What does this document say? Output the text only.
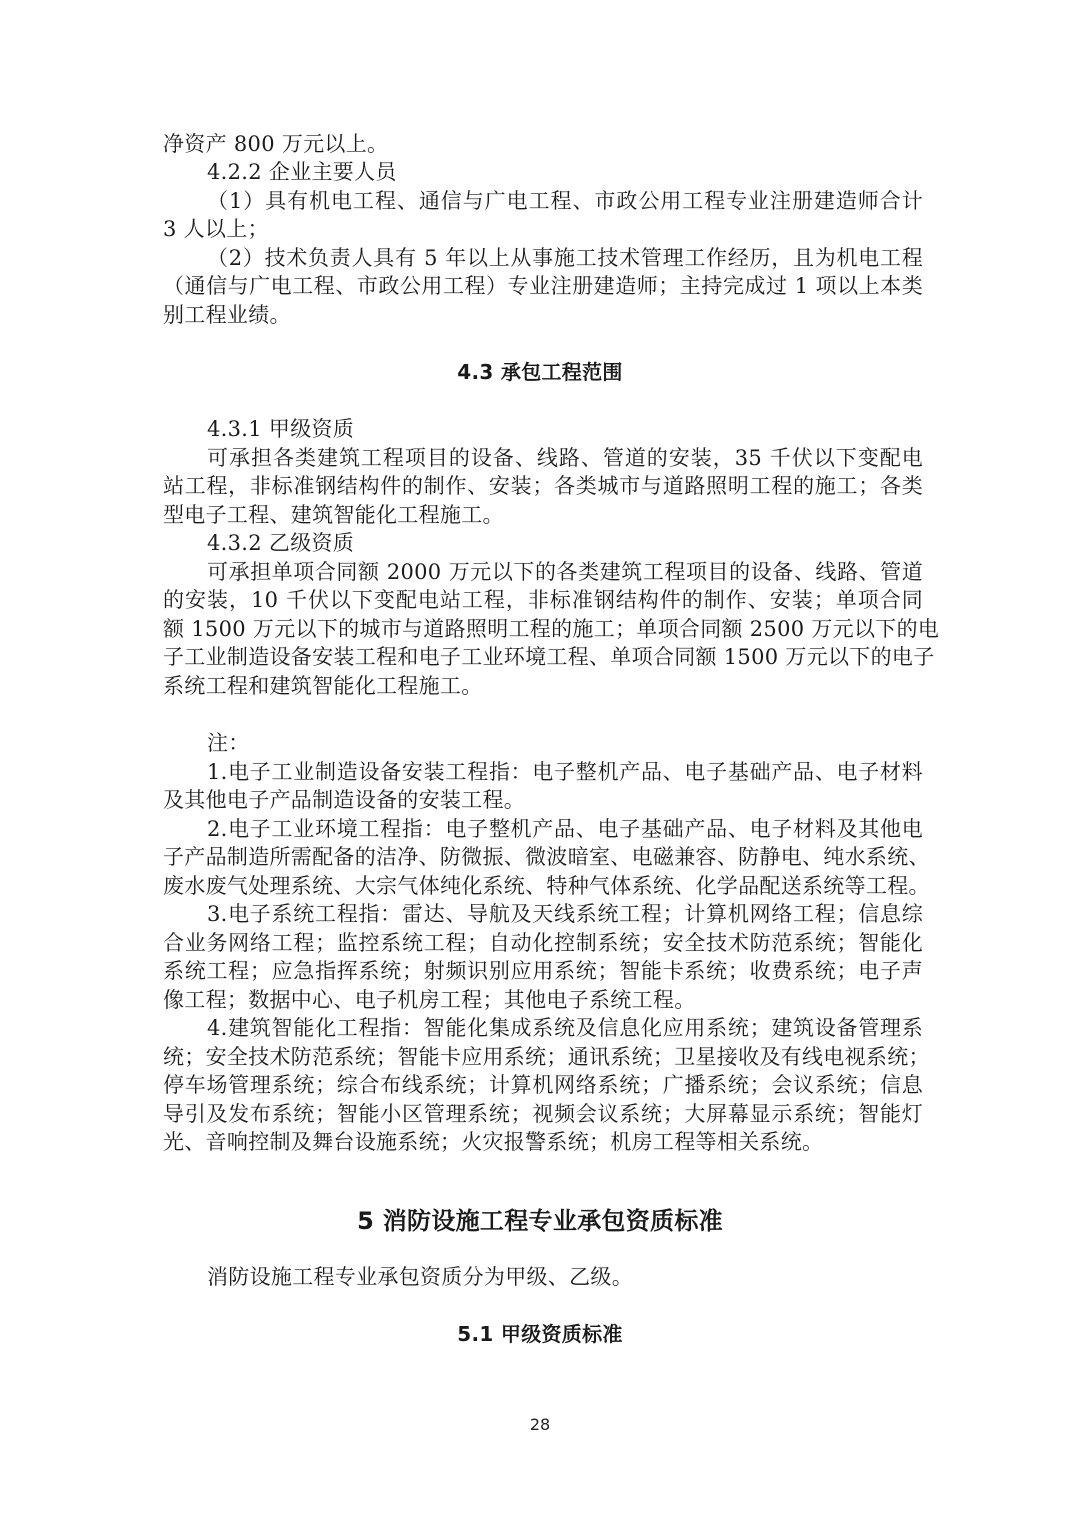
净资产 800 万元以上。
4.2.2 企业主要人员
（1）具有机电工程、通信与广电工程、市政公用工程专业注册建造师合计
3 人以上；
（2）技术负责人具有 5 年以上从事施工技术管理工作经历，且为机电工程
（通信与广电工程、市政公用工程）专业注册建造师；主持完成过 1 项以上本类
别工程业绩。
4.3 承包工程范围
4.3.1 甲级资质
可承担各类建筑工程项目的设备、线路、管道的安装，35 千伏以下变配电
站工程，非标准钢结构件的制作、安装；各类城市与道路照明工程的施工；各类
型电子工程、建筑智能化工程施工。
4.3.2 乙级资质
可承担单项合同额 2000 万元以下的各类建筑工程项目的设备、线路、管道
的安装，10 千伏以下变配电站工程，非标准钢结构件的制作、安装；单项合同
额 1500 万元以下的城市与道路照明工程的施工；单项合同额 2500 万元以下的电
子工业制造设备安装工程和电子工业环境工程、单项合同额 1500 万元以下的电子
系统工程和建筑智能化工程施工。
注：
1.电子工业制造设备安装工程指：电子整机产品、电子基础产品、电子材料
及其他电子产品制造设备的安装工程。
2.电子工业环境工程指：电子整机产品、电子基础产品、电子材料及其他电
子产品制造所需配备的洁净、防微振、微波暗室、电磁兼容、防静电、纯水系统、
废水废气处理系统、大宗气体纯化系统、特种气体系统、化学品配送系统等工程。
3.电子系统工程指：雷达、导航及天线系统工程；计算机网络工程；信息综
合业务网络工程；监控系统工程；自动化控制系统；安全技术防范系统；智能化
系统工程；应急指挥系统；射频识别应用系统；智能卡系统；收费系统；电子声
像工程；数据中心、电子机房工程；其他电子系统工程。
4.建筑智能化工程指：智能化集成系统及信息化应用系统；建筑设备管理系
统；安全技术防范系统；智能卡应用系统；通讯系统；卫星接收及有线电视系统；
停车场管理系统；综合布线系统；计算机网络系统；广播系统；会议系统；信息
导引及发布系统；智能小区管理系统；视频会议系统；大屏幕显示系统；智能灯
光、音响控制及舞台设施系统；火灾报警系统；机房工程等相关系统。
5 消防设施工程专业承包资质标准
消防设施工程专业承包资质分为甲级、乙级。
5.1 甲级资质标准
28
